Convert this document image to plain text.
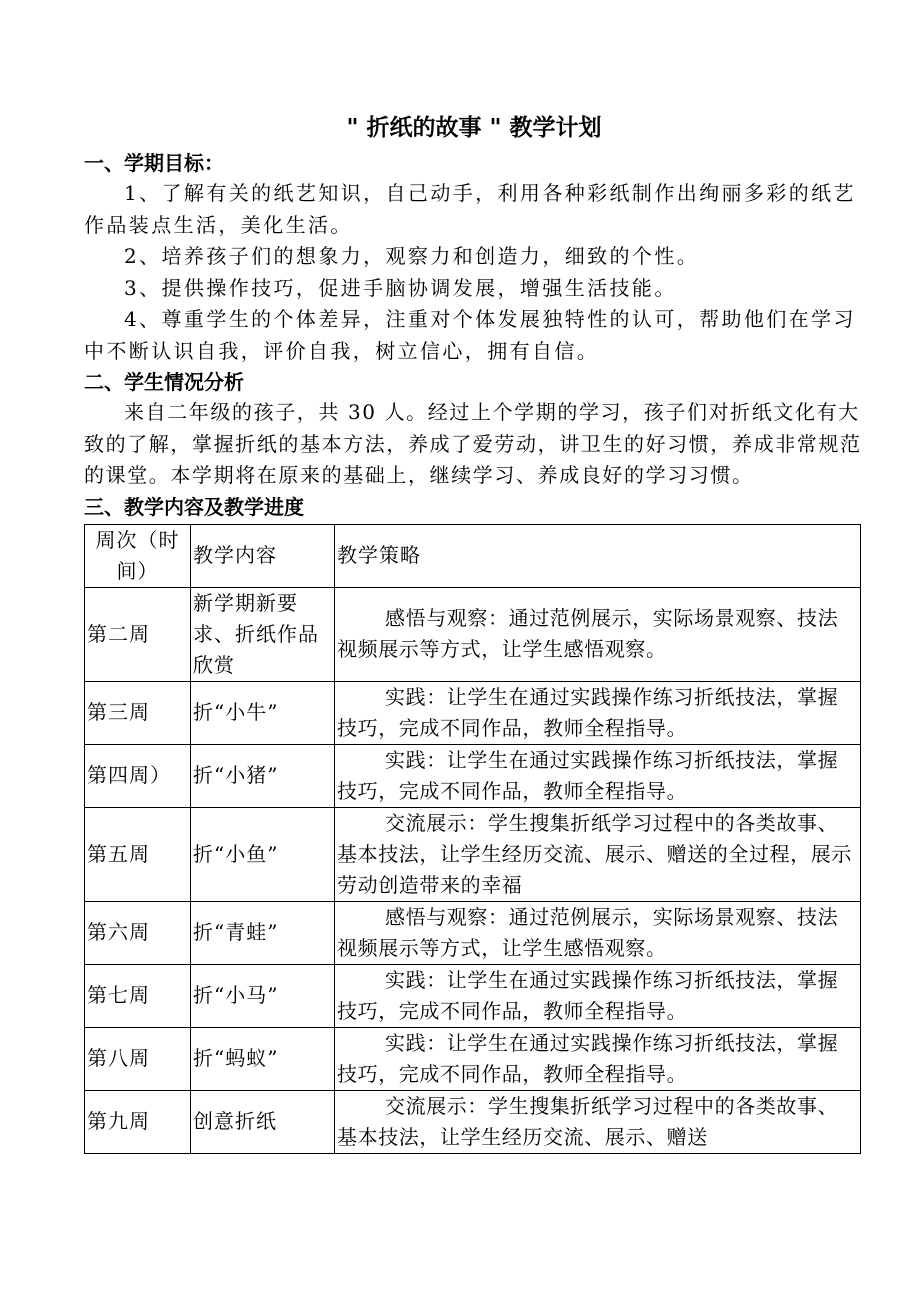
" 折纸的故事 " 教学计划
一、学期目标：

1、了解有关的纸艺知识，自己动手，利用各种彩纸制作出绚丽多彩的纸艺作品装点生活，美化生活。

2、培养孩子们的想象力，观察力和创造力，细致的个性。

3、提供操作技巧，促进手脑协调发展，增强生活技能。

4、尊重学生的个体差异，注重对个体发展独特性的认可，帮助他们在学习中不断认识自我，评价自我，树立信心，拥有自信。

二、学生情况分析

来自二年级的孩子，共 30 人。经过上个学期的学习，孩子们对折纸文化有大致的了解，掌握折纸的基本方法，养成了爱劳动，讲卫生的好习惯，养成非常规范的课堂。本学期将在原来的基础上，继续学习、养成良好的学习习惯。

三、教学内容及教学进度
周次（时间）	教学内容	教学策略
第二周	新学期新要求、折纸作品欣赏	感悟与观察：通过范例展示，实际场景观察、技法视频展示等方式，让学生感悟观察。
第三周	折“小牛”	实践：让学生在通过实践操作练习折纸技法，掌握技巧，完成不同作品，教师全程指导。
第四周）	折“小猪”	实践：让学生在通过实践操作练习折纸技法，掌握技巧，完成不同作品，教师全程指导。
第五周	折“小鱼”	交流展示：学生搜集折纸学习过程中的各类故事、基本技法，让学生经历交流、展示、赠送的全过程，展示劳动创造带来的幸福
第六周	折“青蛙”	感悟与观察：通过范例展示，实际场景观察、技法视频展示等方式，让学生感悟观察。
第七周	折“小马”	实践：让学生在通过实践操作练习折纸技法，掌握技巧，完成不同作品，教师全程指导。
第八周	折“蚂蚁”	实践：让学生在通过实践操作练习折纸技法，掌握技巧，完成不同作品，教师全程指导。
第九周	创意折纸	交流展示：学生搜集折纸学习过程中的各类故事、基本技法，让学生经历交流、展示、赠送
